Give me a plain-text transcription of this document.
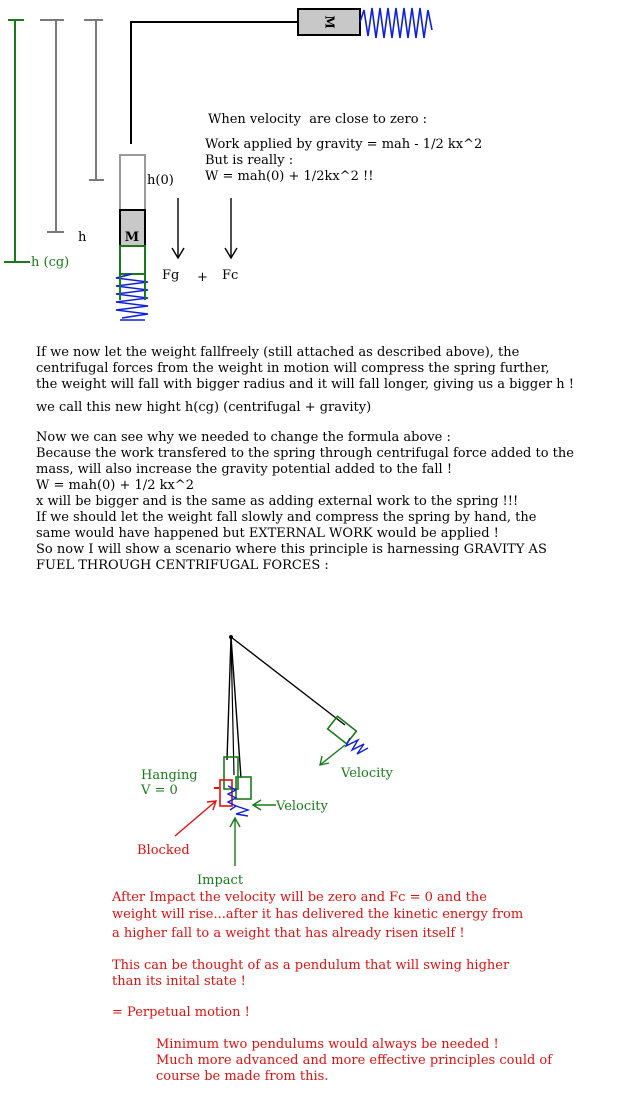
M
M
h(0)
h
h (cg)
Fg + Fc
Velocity
Velocity
Blocked
Impact
Hanging
V = 0

When velocity  are close to zero :

Work applied by gravity = mah - 1/2 kx^2

But is really :

W = mah(0) + 1/2kx^2 !!

If we now let the weight fallfreely (still attached as described above), the

centrifugal forces from the weight in motion will compress the spring further,

the weight will fall with bigger radius and it will fall longer, giving us a bigger h !

we call this new hight h(cg) (centrifugal + gravity)

Now we can see why we needed to change the formula above :

Because the work transfered to the spring through centrifugal force added to the

mass, will also increase the gravity potential added to the fall !

W = mah(0) + 1/2 kx^2

x will be bigger and is the same as adding external work to the spring !!!

If we should let the weight fall slowly and compress the spring by hand, the

same would have happened but EXTERNAL WORK would be applied !

So now I will show a scenario where this principle is harnessing GRAVITY AS

FUEL THROUGH CENTRIFUGAL FORCES :

After Impact the velocity will be zero and Fc = 0 and the

weight will rise...after it has delivered the kinetic energy from

a higher fall to a weight that has already risen itself !

This can be thought of as a pendulum that will swing higher

than its inital state !

= Perpetual motion !

Minimum two pendulums would always be needed !

Much more advanced and more effective principles could of

course be made from this.
